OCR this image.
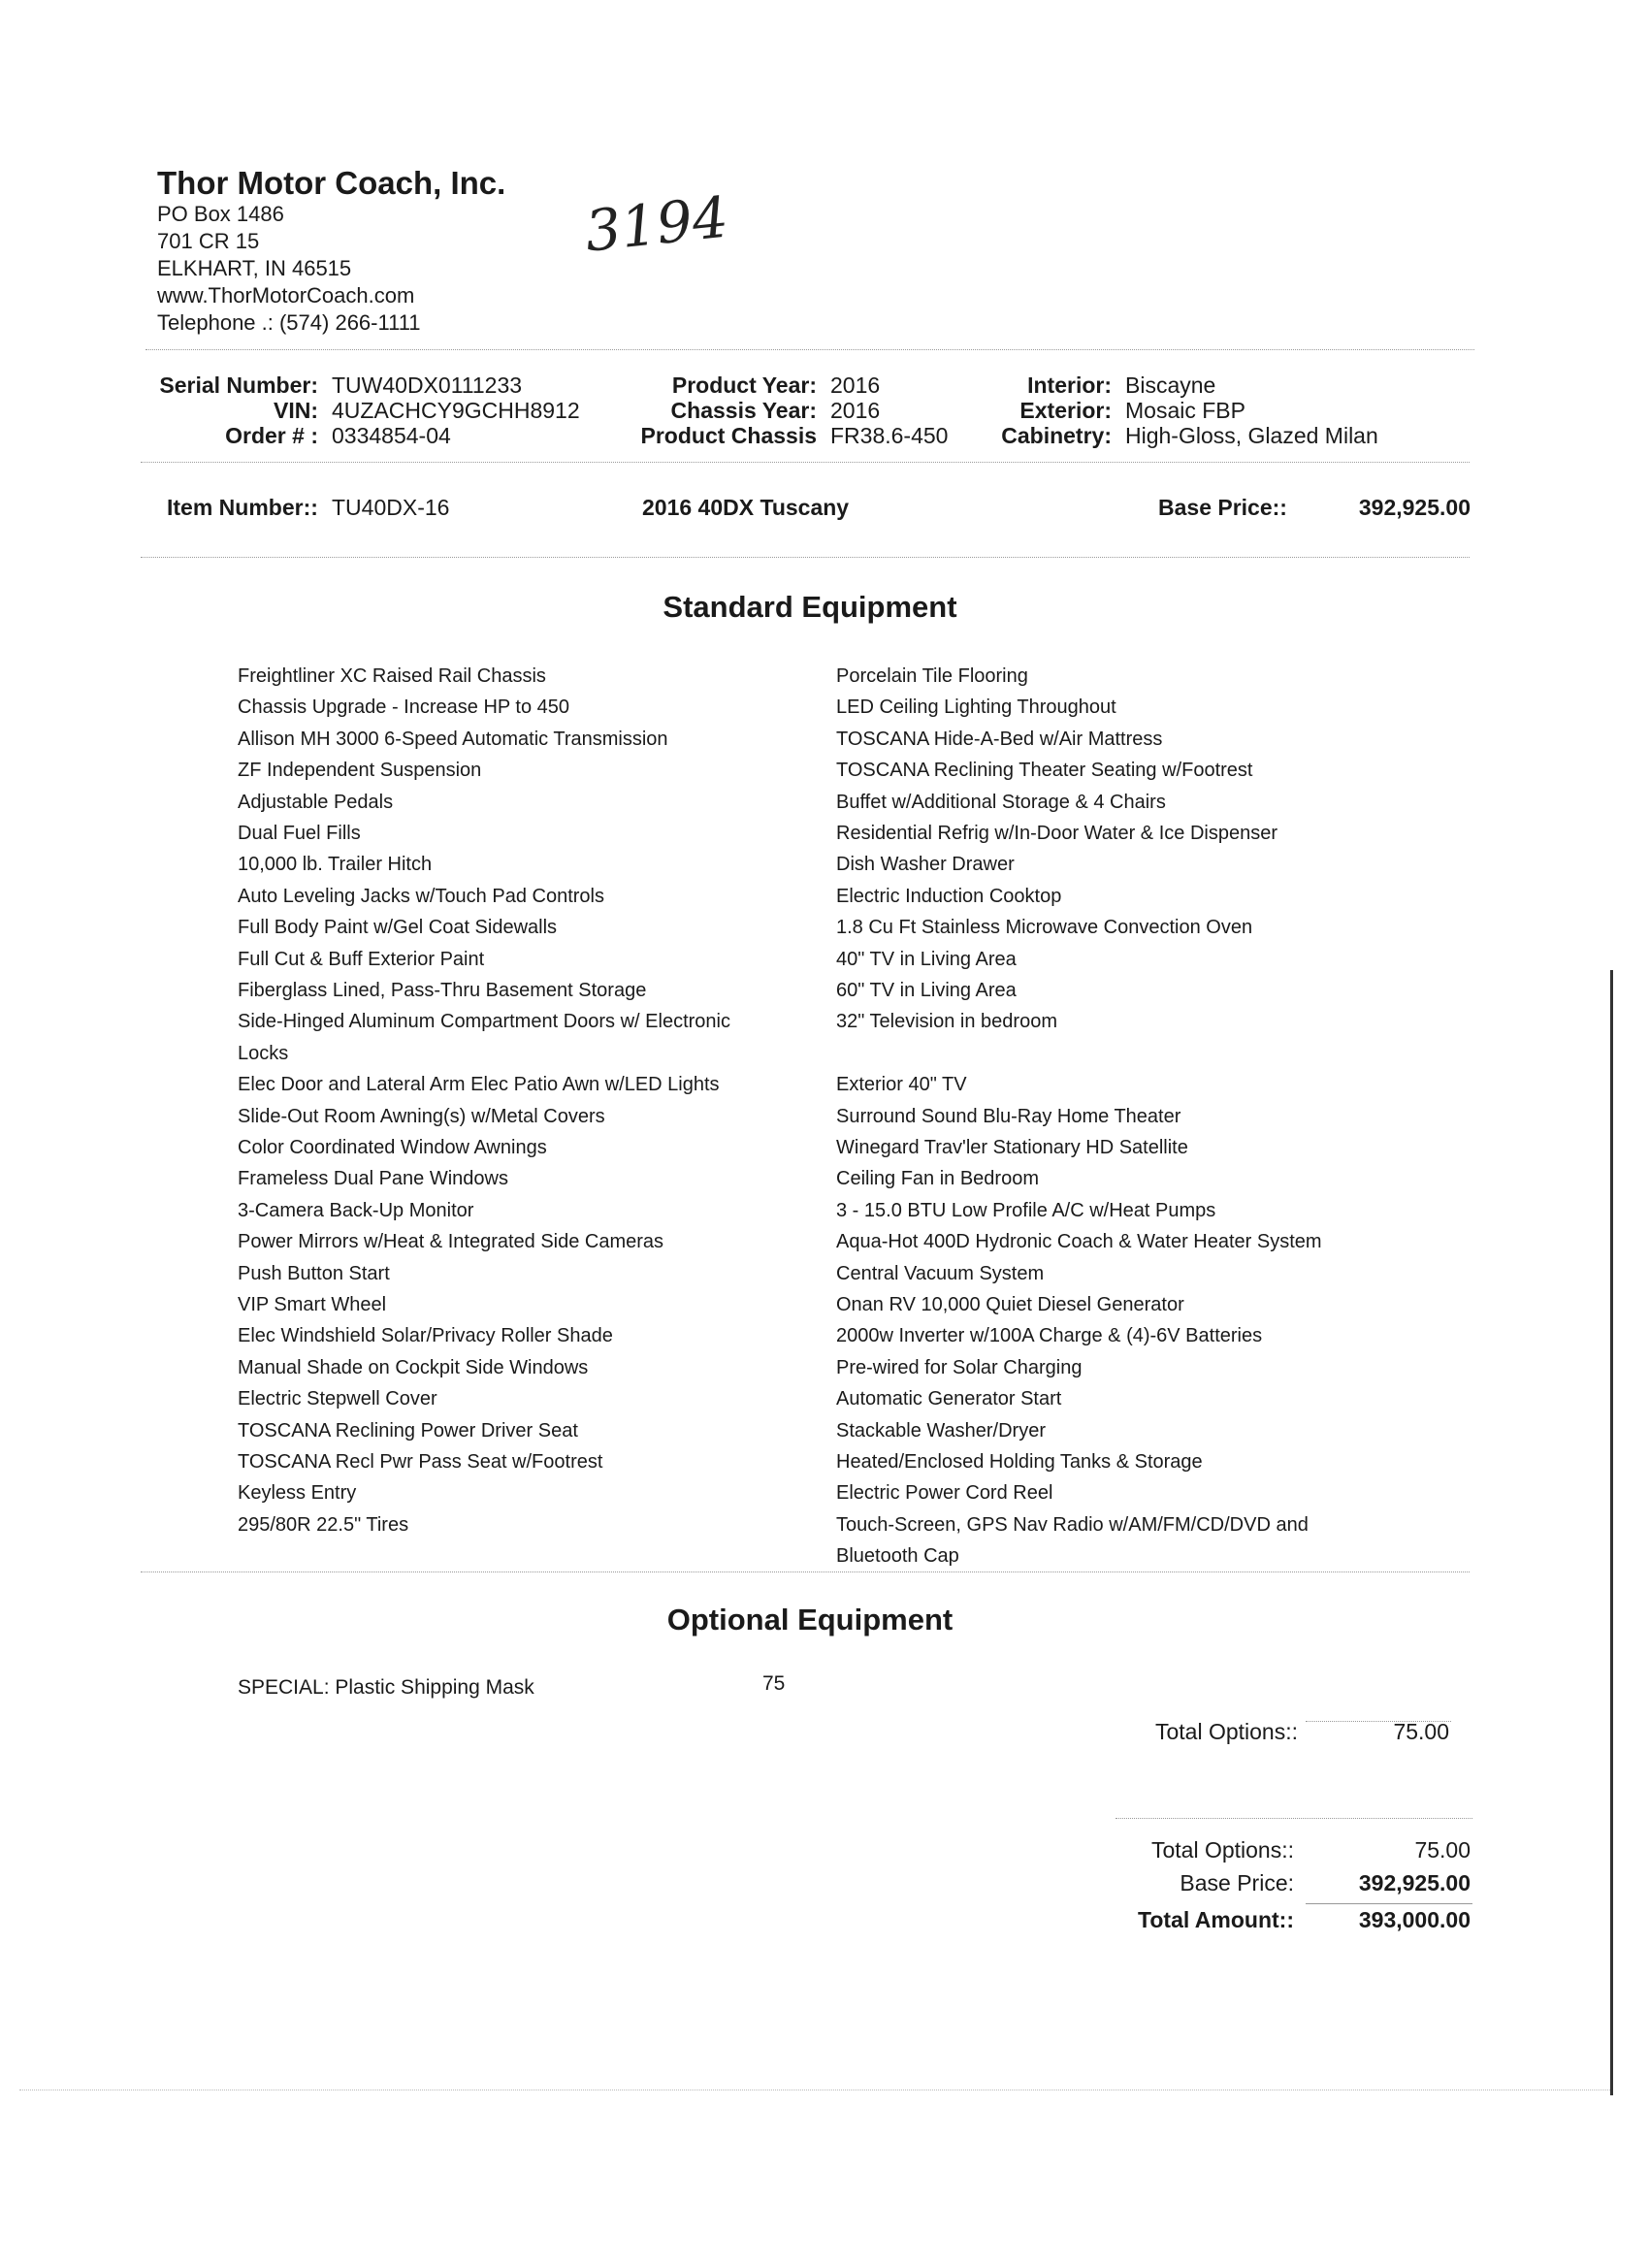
Thor Motor Coach, Inc.
PO Box 1486
701 CR 15
ELKHART, IN 46515
www.ThorMotorCoach.com
Telephone .: (574) 266-1111
3194
Serial Number: TUW40DX0111233
VIN: 4UZACHCY9GCHH8912
Order # : 0334854-04
Product Year: 2016
Chassis Year: 2016
Product Chassis FR38.6-450
Interior: Biscayne
Exterior: Mosaic FBP
Cabinetry: High-Gloss, Glazed Milan
Item Number:: TU40DX-16	2016 40DX Tuscany	Base Price::	392,925.00
Standard Equipment
Freightliner XC Raised Rail Chassis
Chassis Upgrade - Increase HP to 450
Allison MH 3000 6-Speed Automatic Transmission
ZF Independent Suspension
Adjustable Pedals
Dual Fuel Fills
10,000 lb. Trailer Hitch
Auto Leveling Jacks w/Touch Pad Controls
Full Body Paint w/Gel Coat Sidewalls
Full Cut & Buff Exterior Paint
Fiberglass Lined, Pass-Thru Basement Storage
Side-Hinged Aluminum Compartment Doors w/ Electronic
Locks
Elec Door and Lateral Arm Elec Patio Awn w/LED Lights
Slide-Out Room Awning(s) w/Metal Covers
Color Coordinated Window Awnings
Frameless Dual Pane Windows
3-Camera Back-Up Monitor
Power Mirrors w/Heat & Integrated Side Cameras
Push Button Start
VIP Smart Wheel
Elec Windshield Solar/Privacy Roller Shade
Manual Shade on Cockpit Side Windows
Electric Stepwell Cover
TOSCANA Reclining Power Driver Seat
TOSCANA Recl Pwr Pass Seat w/Footrest
Keyless Entry
295/80R 22.5" Tires
Porcelain Tile Flooring
LED Ceiling Lighting Throughout
TOSCANA Hide-A-Bed w/Air Mattress
TOSCANA Reclining Theater Seating w/Footrest
Buffet w/Additional Storage & 4 Chairs
Residential Refrig w/In-Door Water & Ice Dispenser
Dish Washer Drawer
Electric Induction Cooktop
1.8 Cu Ft Stainless Microwave Convection Oven
40" TV in Living Area
60" TV in Living Area
32" Television in bedroom
Exterior 40" TV
Surround Sound Blu-Ray Home Theater
Winegard Trav'ler Stationary HD Satellite
Ceiling Fan in Bedroom
3 - 15.0 BTU Low Profile A/C w/Heat Pumps
Aqua-Hot 400D Hydronic Coach & Water Heater System
Central Vacuum System
Onan RV 10,000 Quiet Diesel Generator
2000w Inverter w/100A Charge & (4)-6V Batteries
Pre-wired for Solar Charging
Automatic Generator Start
Stackable Washer/Dryer
Heated/Enclosed Holding Tanks & Storage
Electric Power Cord Reel
Touch-Screen, GPS Nav Radio w/AM/FM/CD/DVD and
Bluetooth Cap
Optional Equipment
SPECIAL: Plastic Shipping Mask	75
Total Options::	75.00
Total Options::	75.00
Base Price:	392,925.00
Total Amount::	393,000.00
